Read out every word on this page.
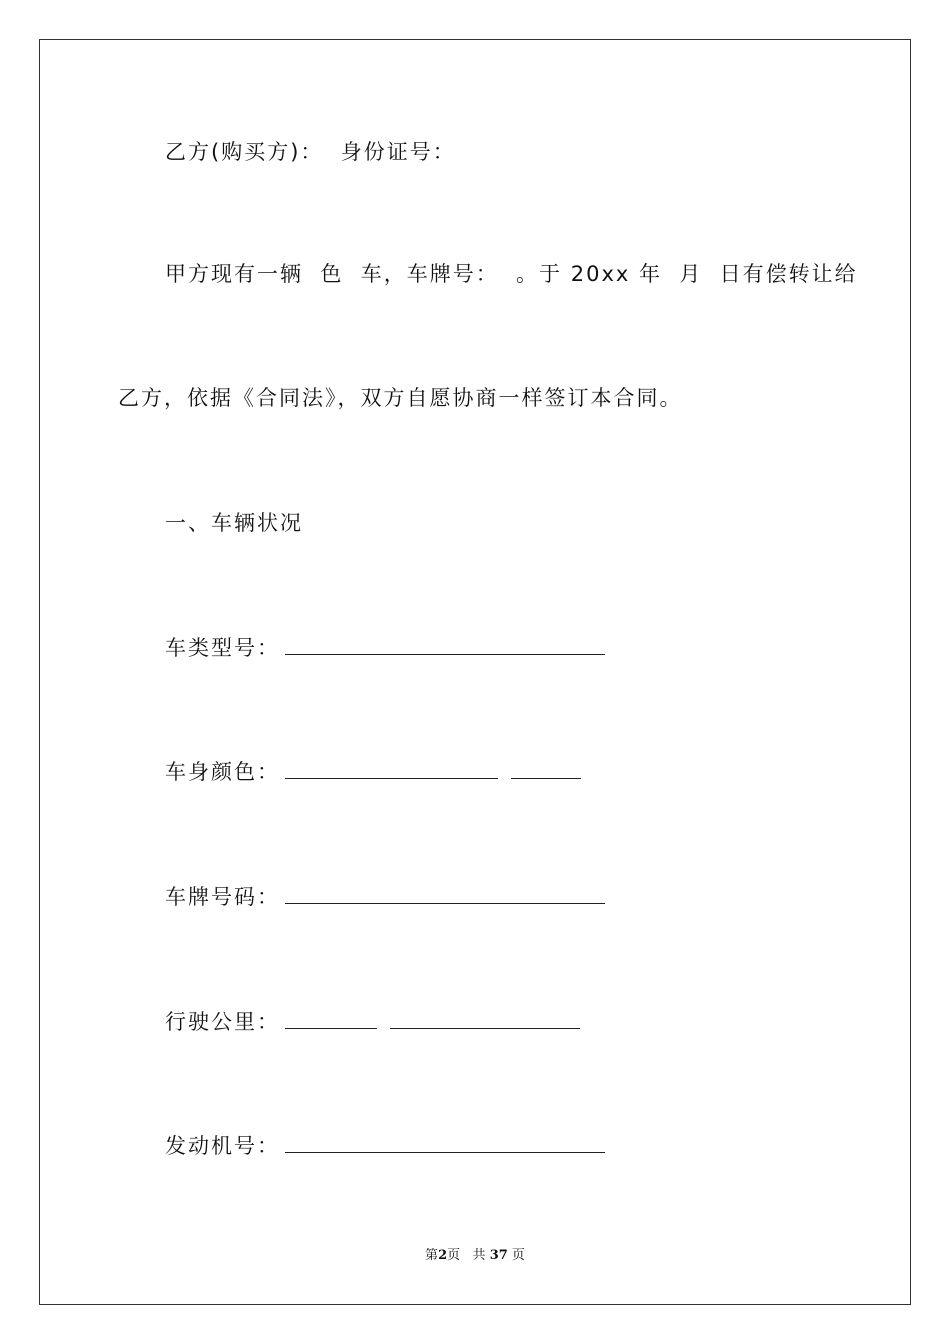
乙方(购买方)：  身份证号：
甲方现有一辆  色  车，车牌号：  。于 20xx 年  月  日有偿转让给
乙方，依据《合同法》，双方自愿协商一样签订本合同。
一、车辆状况
车类型号：
车身颜色：
车牌号码：
行驶公里：
发动机号：
第2页 共 37 页
